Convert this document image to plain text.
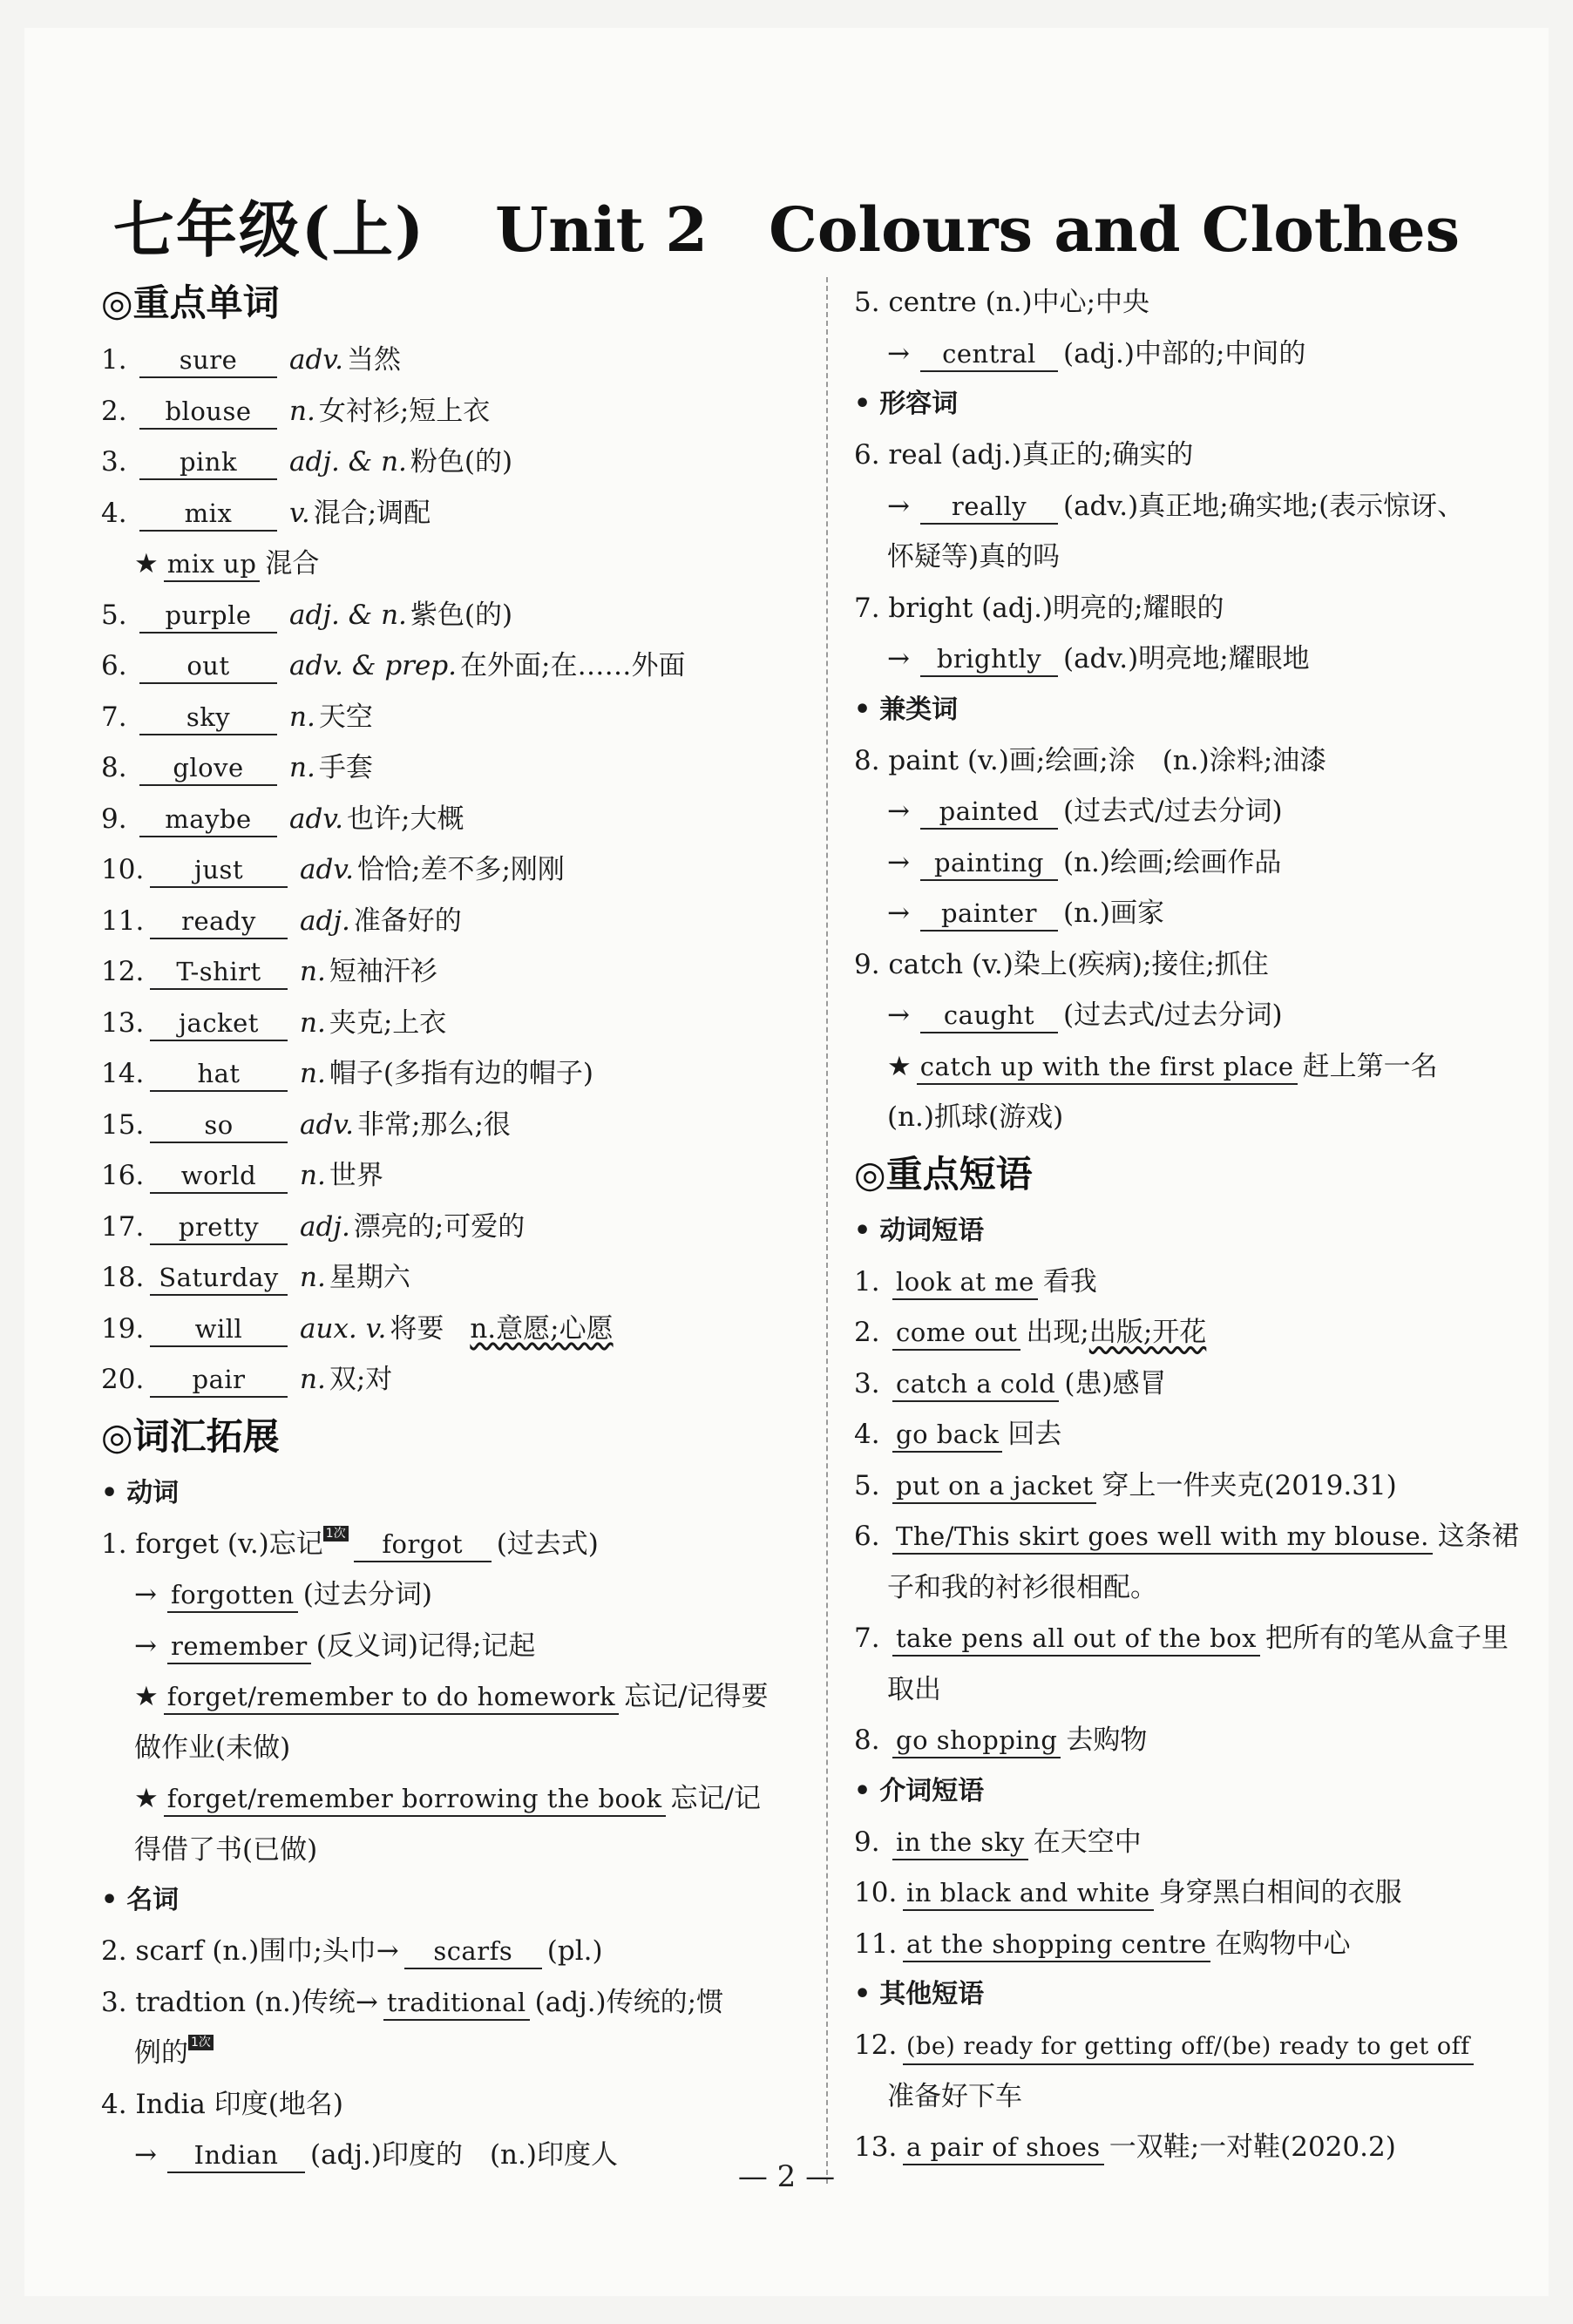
七年级(上) Unit 2 Colours and Clothes
◎重点单词
1. sure adv. 当然
2. blouse n. 女衬衫;短上衣
3. pink adj. & n. 粉色(的)
4. mix v. 混合;调配
★ mix up 混合
5. purple adj. & n. 紫色(的)
6. out adv. & prep. 在外面;在……外面
7. sky n. 天空
8. glove n. 手套
9. maybe adv. 也许;大概
10. just adv. 恰恰;差不多;刚刚
11. ready adj. 准备好的
12. T-shirt n. 短袖汗衫
13. jacket n. 夹克;上衣
14. hat n. 帽子(多指有边的帽子)
15. so adv. 非常;那么;很
16. world n. 世界
17. pretty adj. 漂亮的;可爱的
18. Saturday n. 星期六
19. will aux. v. 将要 n.意愿;心愿
20. pair n. 双;对
◎词汇拓展
• 动词
1. forget (v.)忘记 1次 forgot (过去式)
→ forgotten (过去分词)
→ remember (反义词)记得;记起
★ forget/remember to do homework 忘记/记得要
做作业(未做)
★ forget/remember borrowing the book 忘记/记
得借了书(已做)
• 名词
2. scarf (n.)围巾;头巾→ scarfs (pl.)
3. tradtion (n.)传统→ traditional (adj.)传统的;惯
例的 1次
4. India 印度(地名)
→ Indian (adj.)印度的　(n.)印度人
5. centre (n.)中心;中央
→ central (adj.)中部的;中间的
• 形容词
6. real (adj.)真正的;确实的
→ really (adv.)真正地;确实地;(表示惊讶、
怀疑等)真的吗
7. bright (adj.)明亮的;耀眼的
→ brightly (adv.)明亮地;耀眼地
• 兼类词
8. paint (v.)画;绘画;涂　(n.)涂料;油漆
→ painted (过去式/过去分词)
→ painting (n.)绘画;绘画作品
→ painter (n.)画家
9. catch (v.)染上(疾病);接住;抓住
→ caught (过去式/过去分词)
★ catch up with the first place 赶上第一名
(n.)抓球(游戏)
◎重点短语
• 动词短语
1. look at me 看我
2. come out 出现;出版;开花
3. catch a cold (患)感冒
4. go back 回去
5. put on a jacket 穿上一件夹克(2019.31)
6. The/This skirt goes well with my blouse. 这条裙
子和我的衬衫很相配。
7. take pens all out of the box 把所有的笔从盒子里
取出
8. go shopping 去购物
• 介词短语
9. in the sky 在天空中
10. in black and white 身穿黑白相间的衣服
11. at the shopping centre 在购物中心
• 其他短语
12. (be) ready for getting off/(be) ready to get off
准备好下车
13. a pair of shoes 一双鞋;一对鞋(2020.2)
— 2 —
